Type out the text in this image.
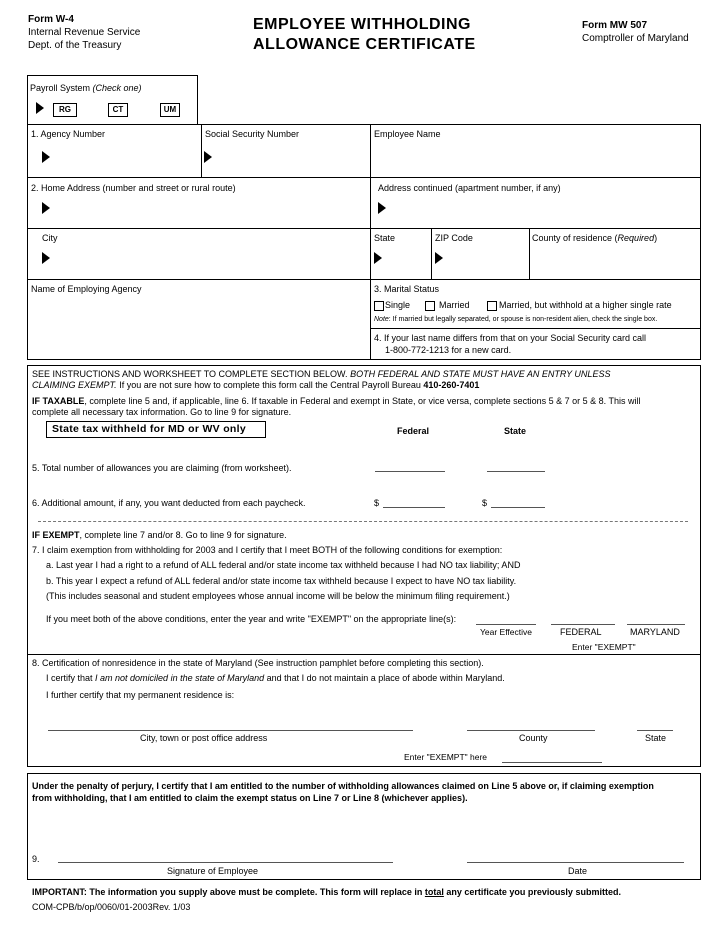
Form W-4
Internal Revenue Service
Dept. of the Treasury
EMPLOYEE WITHHOLDING
ALLOWANCE CERTIFICATE
Form MW 507
Comptroller of Maryland
Payroll System (Check one)
RG	CT	UM
1. Agency Number	Social Security Number	Employee Name
2. Home Address (number and street or rural route)	Address continued (apartment number, if any)
City	State	ZIP Code	County of residence (Required)
Name of Employing Agency	3. Marital Status
Single	Married	Married, but withhold at a higher single rate
Note: If married but legally separated, or spouse is non-resident alien, check the single box.
4. If your last name differs from that on your Social Security card call
1-800-772-1213 for a new card.
SEE INSTRUCTIONS AND WORKSHEET TO COMPLETE SECTION BELOW. BOTH FEDERAL AND STATE MUST HAVE AN ENTRY UNLESS
CLAIMING EXEMPT. If you are not sure how to complete this form call the Central Payroll Bureau 410-260-7401
IF TAXABLE, complete line 5 and, if applicable, line 6. If taxable in Federal and exempt in State, or vice versa, complete sections 5 & 7 or 5 & 8. This will
complete all necessary tax information. Go to line 9 for signature.
State tax withheld for MD or WV only	Federal	State
5. Total number of allowances you are claiming (from worksheet).
6. Additional amount, if any, you want deducted from each paycheck.	$	$
IF EXEMPT, complete line 7 and/or 8. Go to line 9 for signature.
7. I claim exemption from withholding for 2003 and I certify that I meet BOTH of the following conditions for exemption:
a. Last year I had a right to a refund of ALL federal and/or state income tax withheld because I had NO tax liability; AND
b. This year I expect a refund of ALL federal and/or state income tax withheld because I expect to have NO tax liability.
(This includes seasonal and student employees whose annual income will be below the minimum filing requirement.)
If you meet both of the above conditions, enter the year and write "EXEMPT" on the appropriate line(s):
Year Effective	FEDERAL	MARYLAND
Enter "EXEMPT"
8. Certification of nonresidence in the state of Maryland (See instruction pamphlet before completing this section).
I certify that I am not domiciled in the state of Maryland and that I do not maintain a place of abode within Maryland.
I further certify that my permanent residence is:
City, town or post office address	County	State
Enter "EXEMPT" here
Under the penalty of perjury, I certify that I am entitled to the number of withholding allowances claimed on Line 5 above or, if claiming exemption
from withholding, that I am entitled to claim the exempt status on Line 7 or Line 8 (whichever applies).
9.
Signature of Employee	Date
IMPORTANT: The information you supply above must be complete. This form will replace in total any certificate you previously submitted.
COM-CPB/b/op/0060/01-2003Rev. 1/03
